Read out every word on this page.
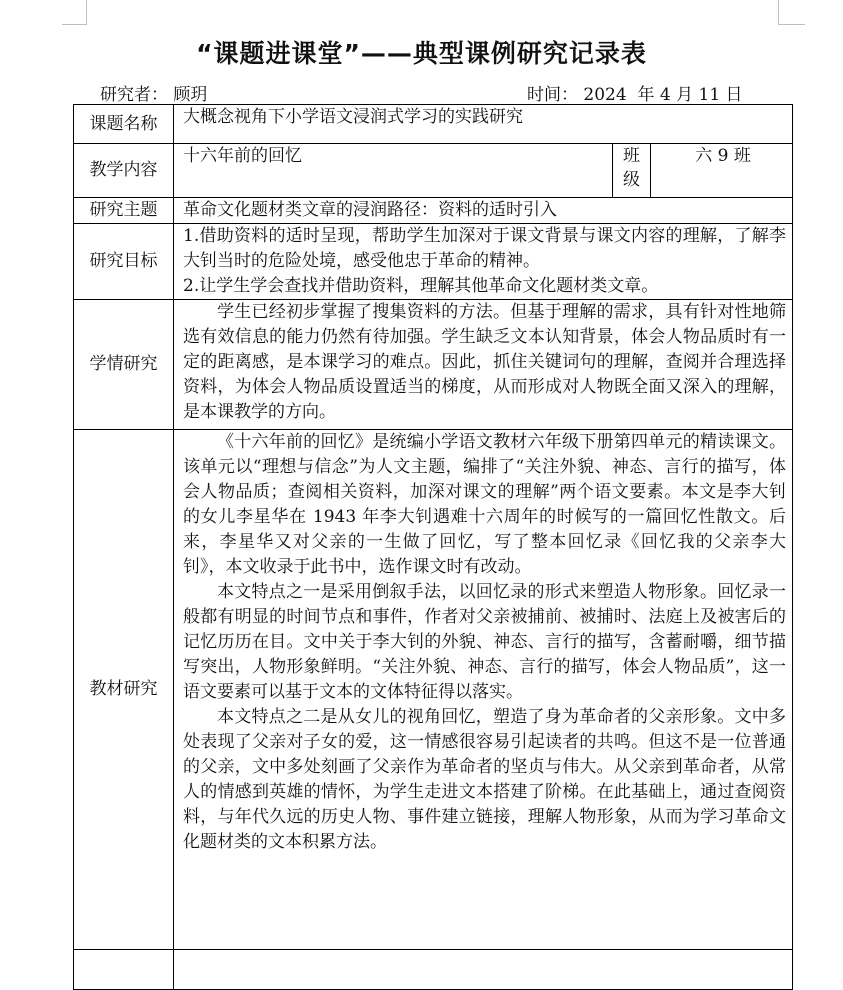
“课题进课堂”——典型课例研究记录表
研究者： 顾玥	时间： 2024  年 4 月 11 日
课题名称	大概念视角下小学语文浸润式学习的实践研究		
教学内容	十六年前的回忆	班级	六 9 班
研究主题	革命文化题材类文章的浸润路径：资料的适时引入		
研究目标	1.借助资料的适时呈现，帮助学生加深对于课文背景与课文内容的理解，了解李大钊当时的危险处境，感受他忠于革命的精神。

2.让学生学会查找并借助资料，理解其他革命文化题材类文章。		

学情研究	学生已经初步掌握了搜集资料的方法。但基于理解的需求，具有针对性地筛选有效信息的能力仍然有待加强。学生缺乏文本认知背景，体会人物品质时有一定的距离感，是本课学习的难点。因此，抓住关键词句的理解，查阅并合理选择资料，为体会人物品质设置适当的梯度，从而形成对人物既全面又深入的理解，是本课教学的方向。		

教材研究	《十六年前的回忆》是统编小学语文教材六年级下册第四单元的精读课文。该单元以“理想与信念”为人文主题，编排了“关注外貌、神态、言行的描写，体会人物品质；查阅相关资料，加深对课文的理解”两个语文要素。本文是李大钊的女儿李星华在 1943 年李大钊遇难十六周年的时候写的一篇回忆性散文。后来，李星华又对父亲的一生做了回忆，写了整本回忆录《回忆我的父亲李大钊》，本文收录于此书中，选作课文时有改动。

本文特点之一是采用倒叙手法，以回忆录的形式来塑造人物形象。回忆录一般都有明显的时间节点和事件，作者对父亲被捕前、被捕时、法庭上及被害后的记忆历历在目。文中关于李大钊的外貌、神态、言行的描写，含蓄耐嚼，细节描写突出，人物形象鲜明。“关注外貌、神态、言行的描写，体会人物品质”，这一语文要素可以基于文本的文体特征得以落实。

本文特点之二是从女儿的视角回忆，塑造了身为革命者的父亲形象。文中多处表现了父亲对子女的爱，这一情感很容易引起读者的共鸣。但这不是一位普通的父亲，文中多处刻画了父亲作为革命者的坚贞与伟大。从父亲到革命者，从常人的情感到英雄的情怀，为学生走进文本搭建了阶梯。在此基础上，通过查阅资料，与年代久远的历史人物、事件建立链接，理解人物形象，从而为学习革命文化题材类的文本积累方法。		
